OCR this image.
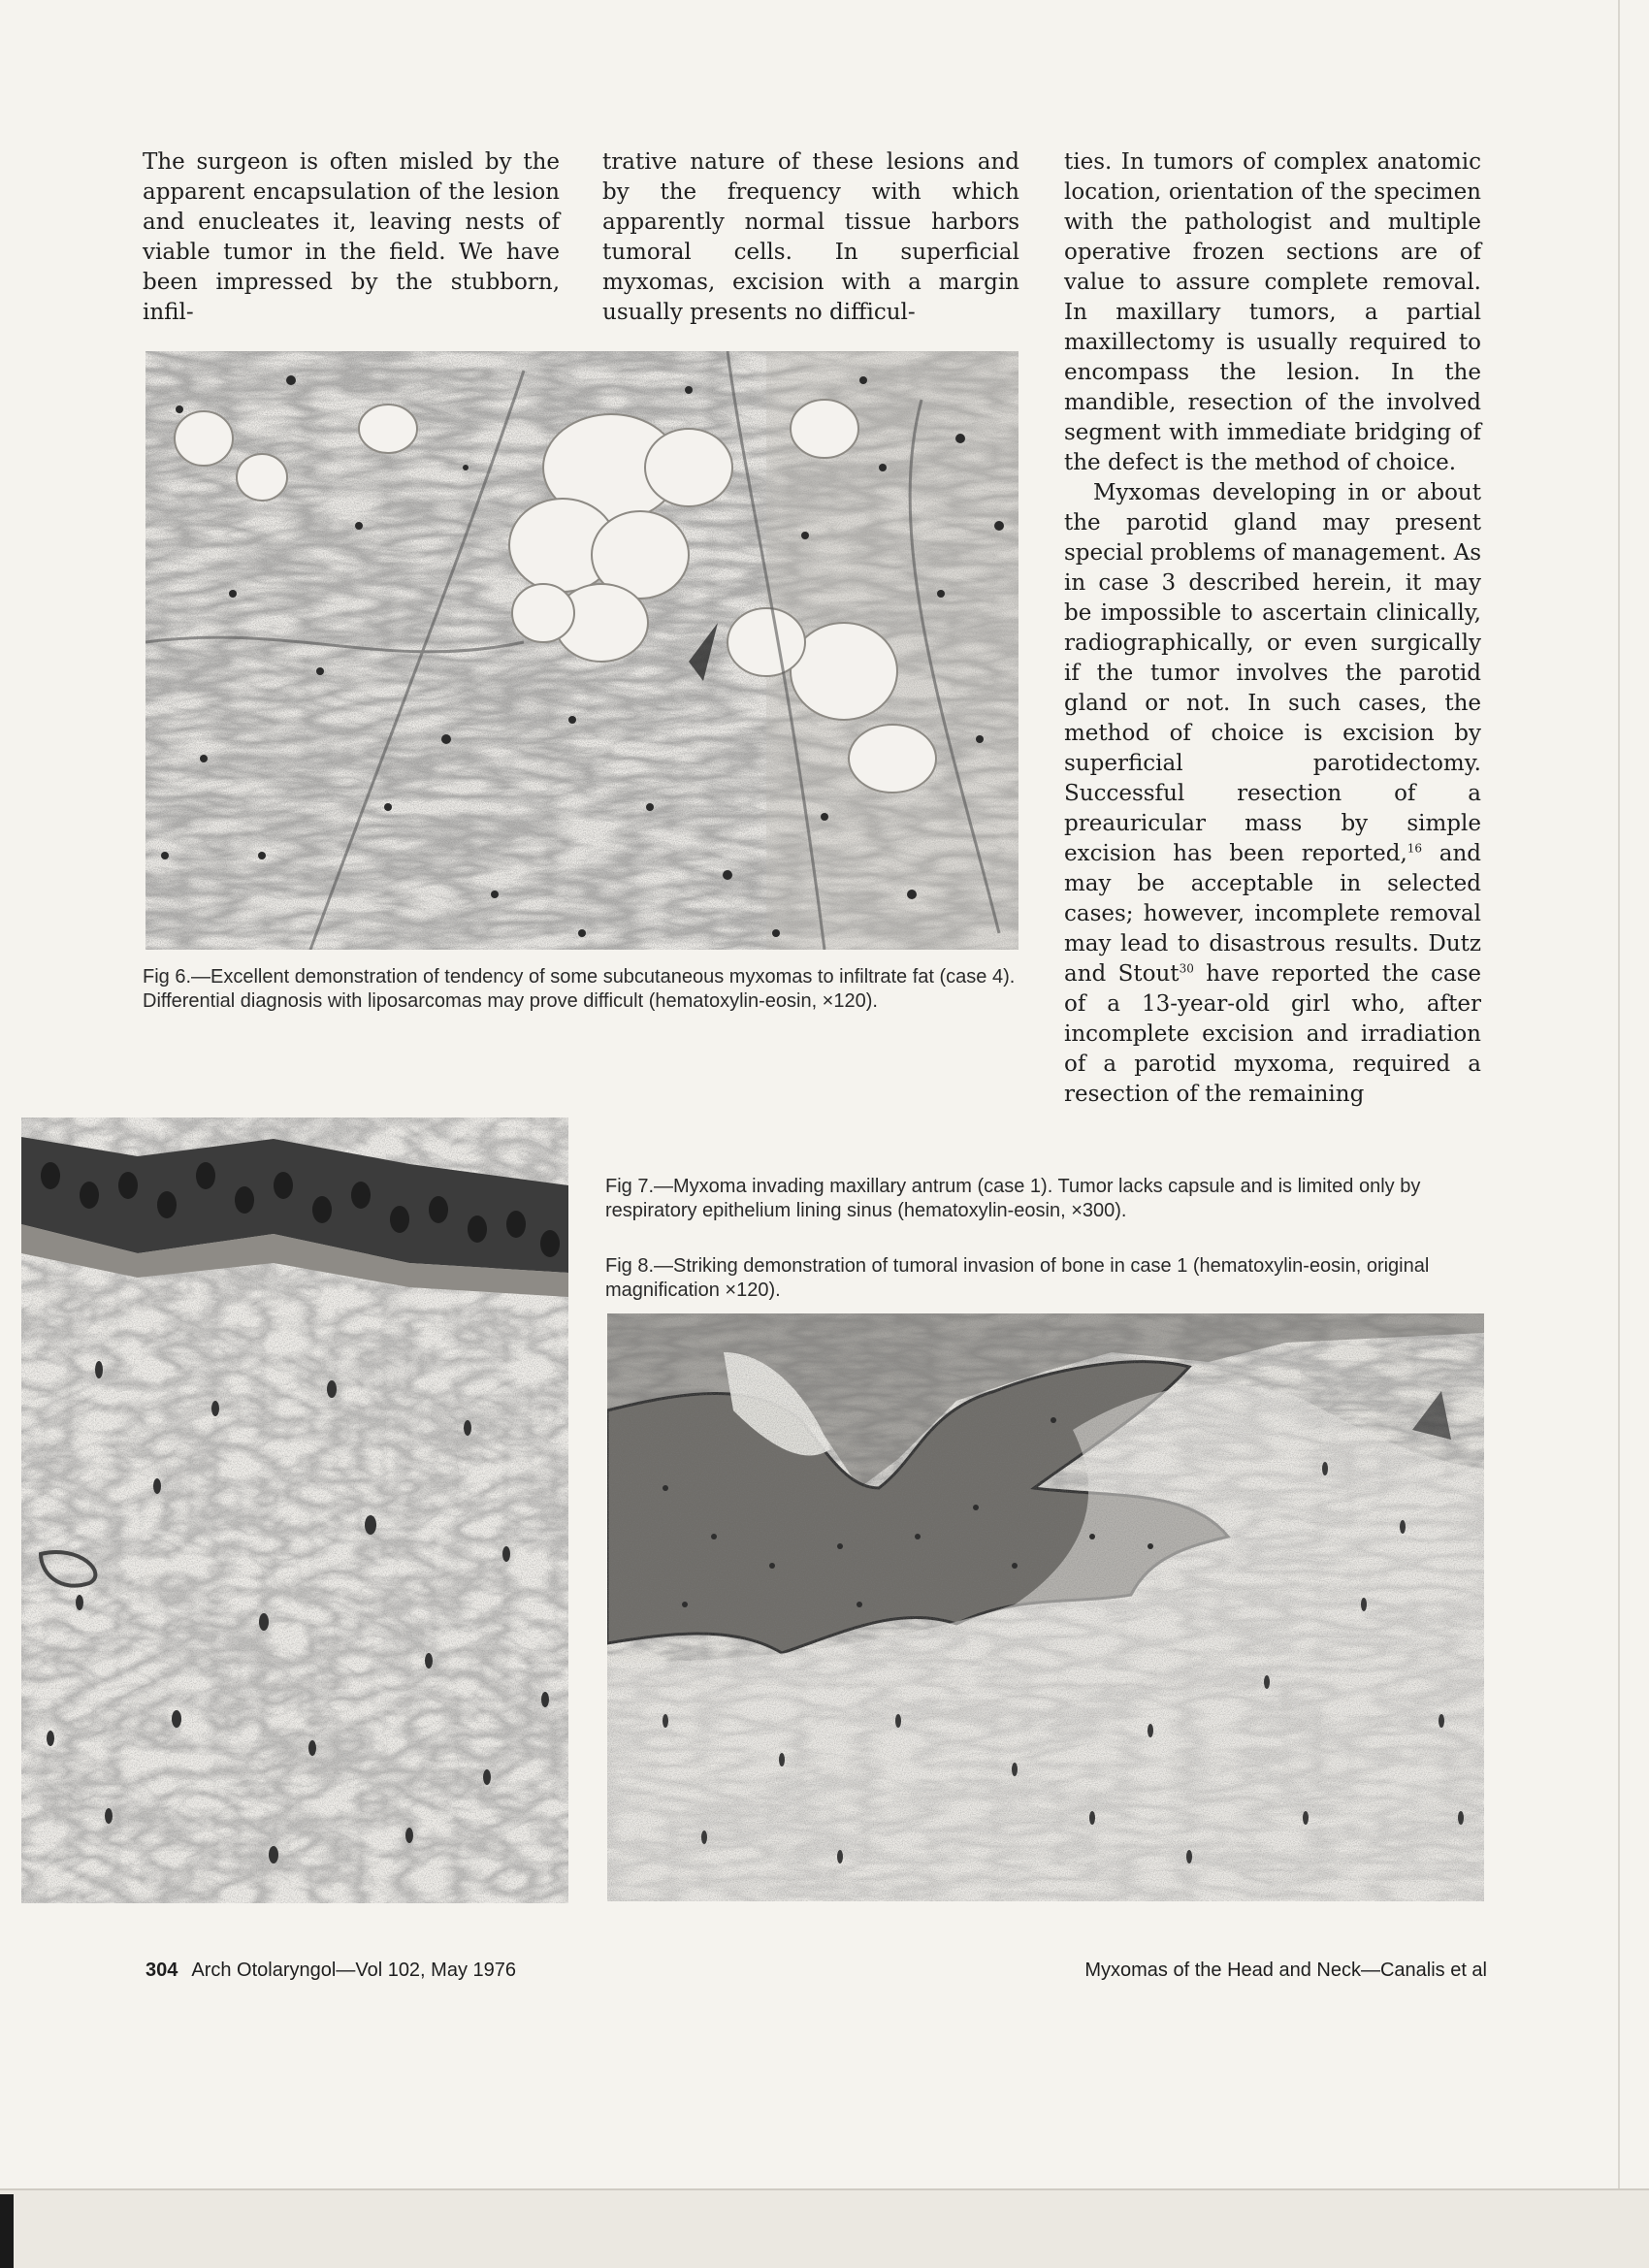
The surgeon is often misled by the apparent encapsulation of the lesion and enucleates it, leaving nests of viable tumor in the field. We have been impressed by the stubborn, infil-

trative nature of these lesions and by the frequency with which apparently normal tissue harbors tumoral cells. In superficial myxomas, excision with a margin usually presents no difficul-

ties. In tumors of complex anatomic location, orientation of the specimen with the pathologist and multiple operative frozen sections are of value to assure complete removal. In maxillary tumors, a partial maxillectomy is usually required to encompass the lesion. In the mandible, resection of the involved segment with immediate bridging of the defect is the method of choice.

Myxomas developing in or about the parotid gland may present special problems of management. As in case 3 described herein, it may be impossible to ascertain clinically, radiographically, or even surgically if the tumor involves the parotid gland or not. In such cases, the method of choice is excision by superficial parotidectomy. Successful resection of a preauricular mass by simple excision has been reported,$^{16}$ and may be acceptable in selected cases; however, incomplete removal may lead to disastrous results. Dutz and Stout$^{30}$ have reported the case of a 13-year-old girl who, after incomplete excision and irradiation of a parotid myxoma, required a resection of the remaining

Fig 6.—Excellent demonstration of tendency of some subcutaneous myxomas to infiltrate fat (case 4). Differential diagnosis with liposarcomas may prove difficult (hematoxylin-eosin, ×120).
Fig 7.—Myxoma invading maxillary antrum (case 1). Tumor lacks capsule and is limited only by respiratory epithelium lining sinus (hematoxylin-eosin, ×300).
Fig 8.—Striking demonstration of tumoral invasion of bone in case 1 (hematoxylin-eosin, original magnification ×120).
304 Arch Otolaryngol—Vol 102, May 1976	Myxomas of the Head and Neck—Canalis et al
